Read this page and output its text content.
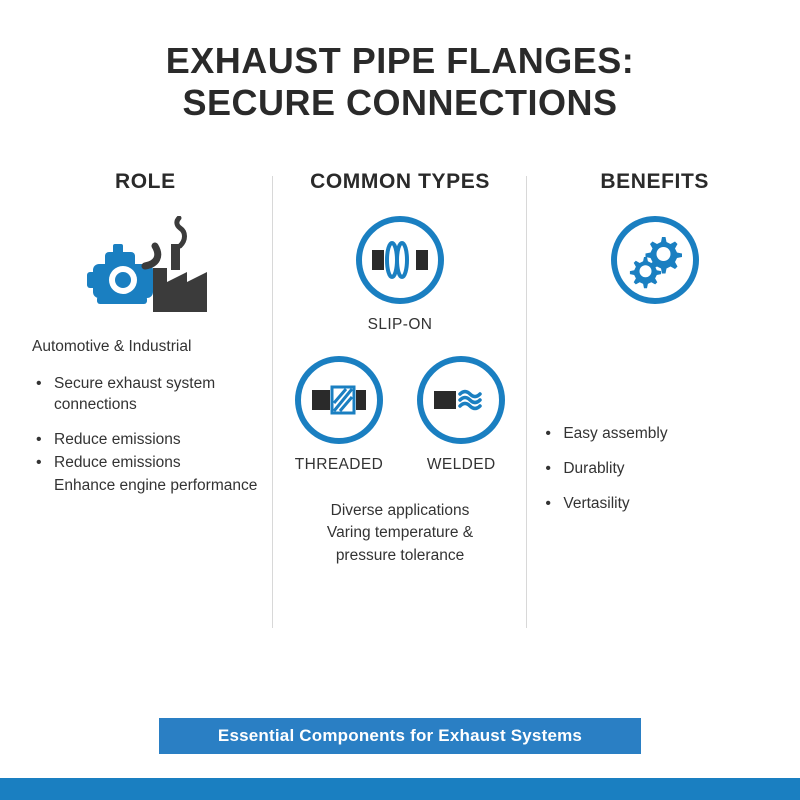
EXHAUST PIPE FLANGES:
SECURE CONNECTIONS
ROLE
Automotive & Industrial
• Secure exhaust system connections
• Reduce emissions
• Reduce emissions
Enhance engine performance
COMMON TYPES
SLIP-ON
THREADED	WELDED
Diverse applications
Varing temperature &
pressure tolerance
BENEFITS
• Easy assembly
• Durablity
• Vertasility
Essential Components for Exhaust Systems
